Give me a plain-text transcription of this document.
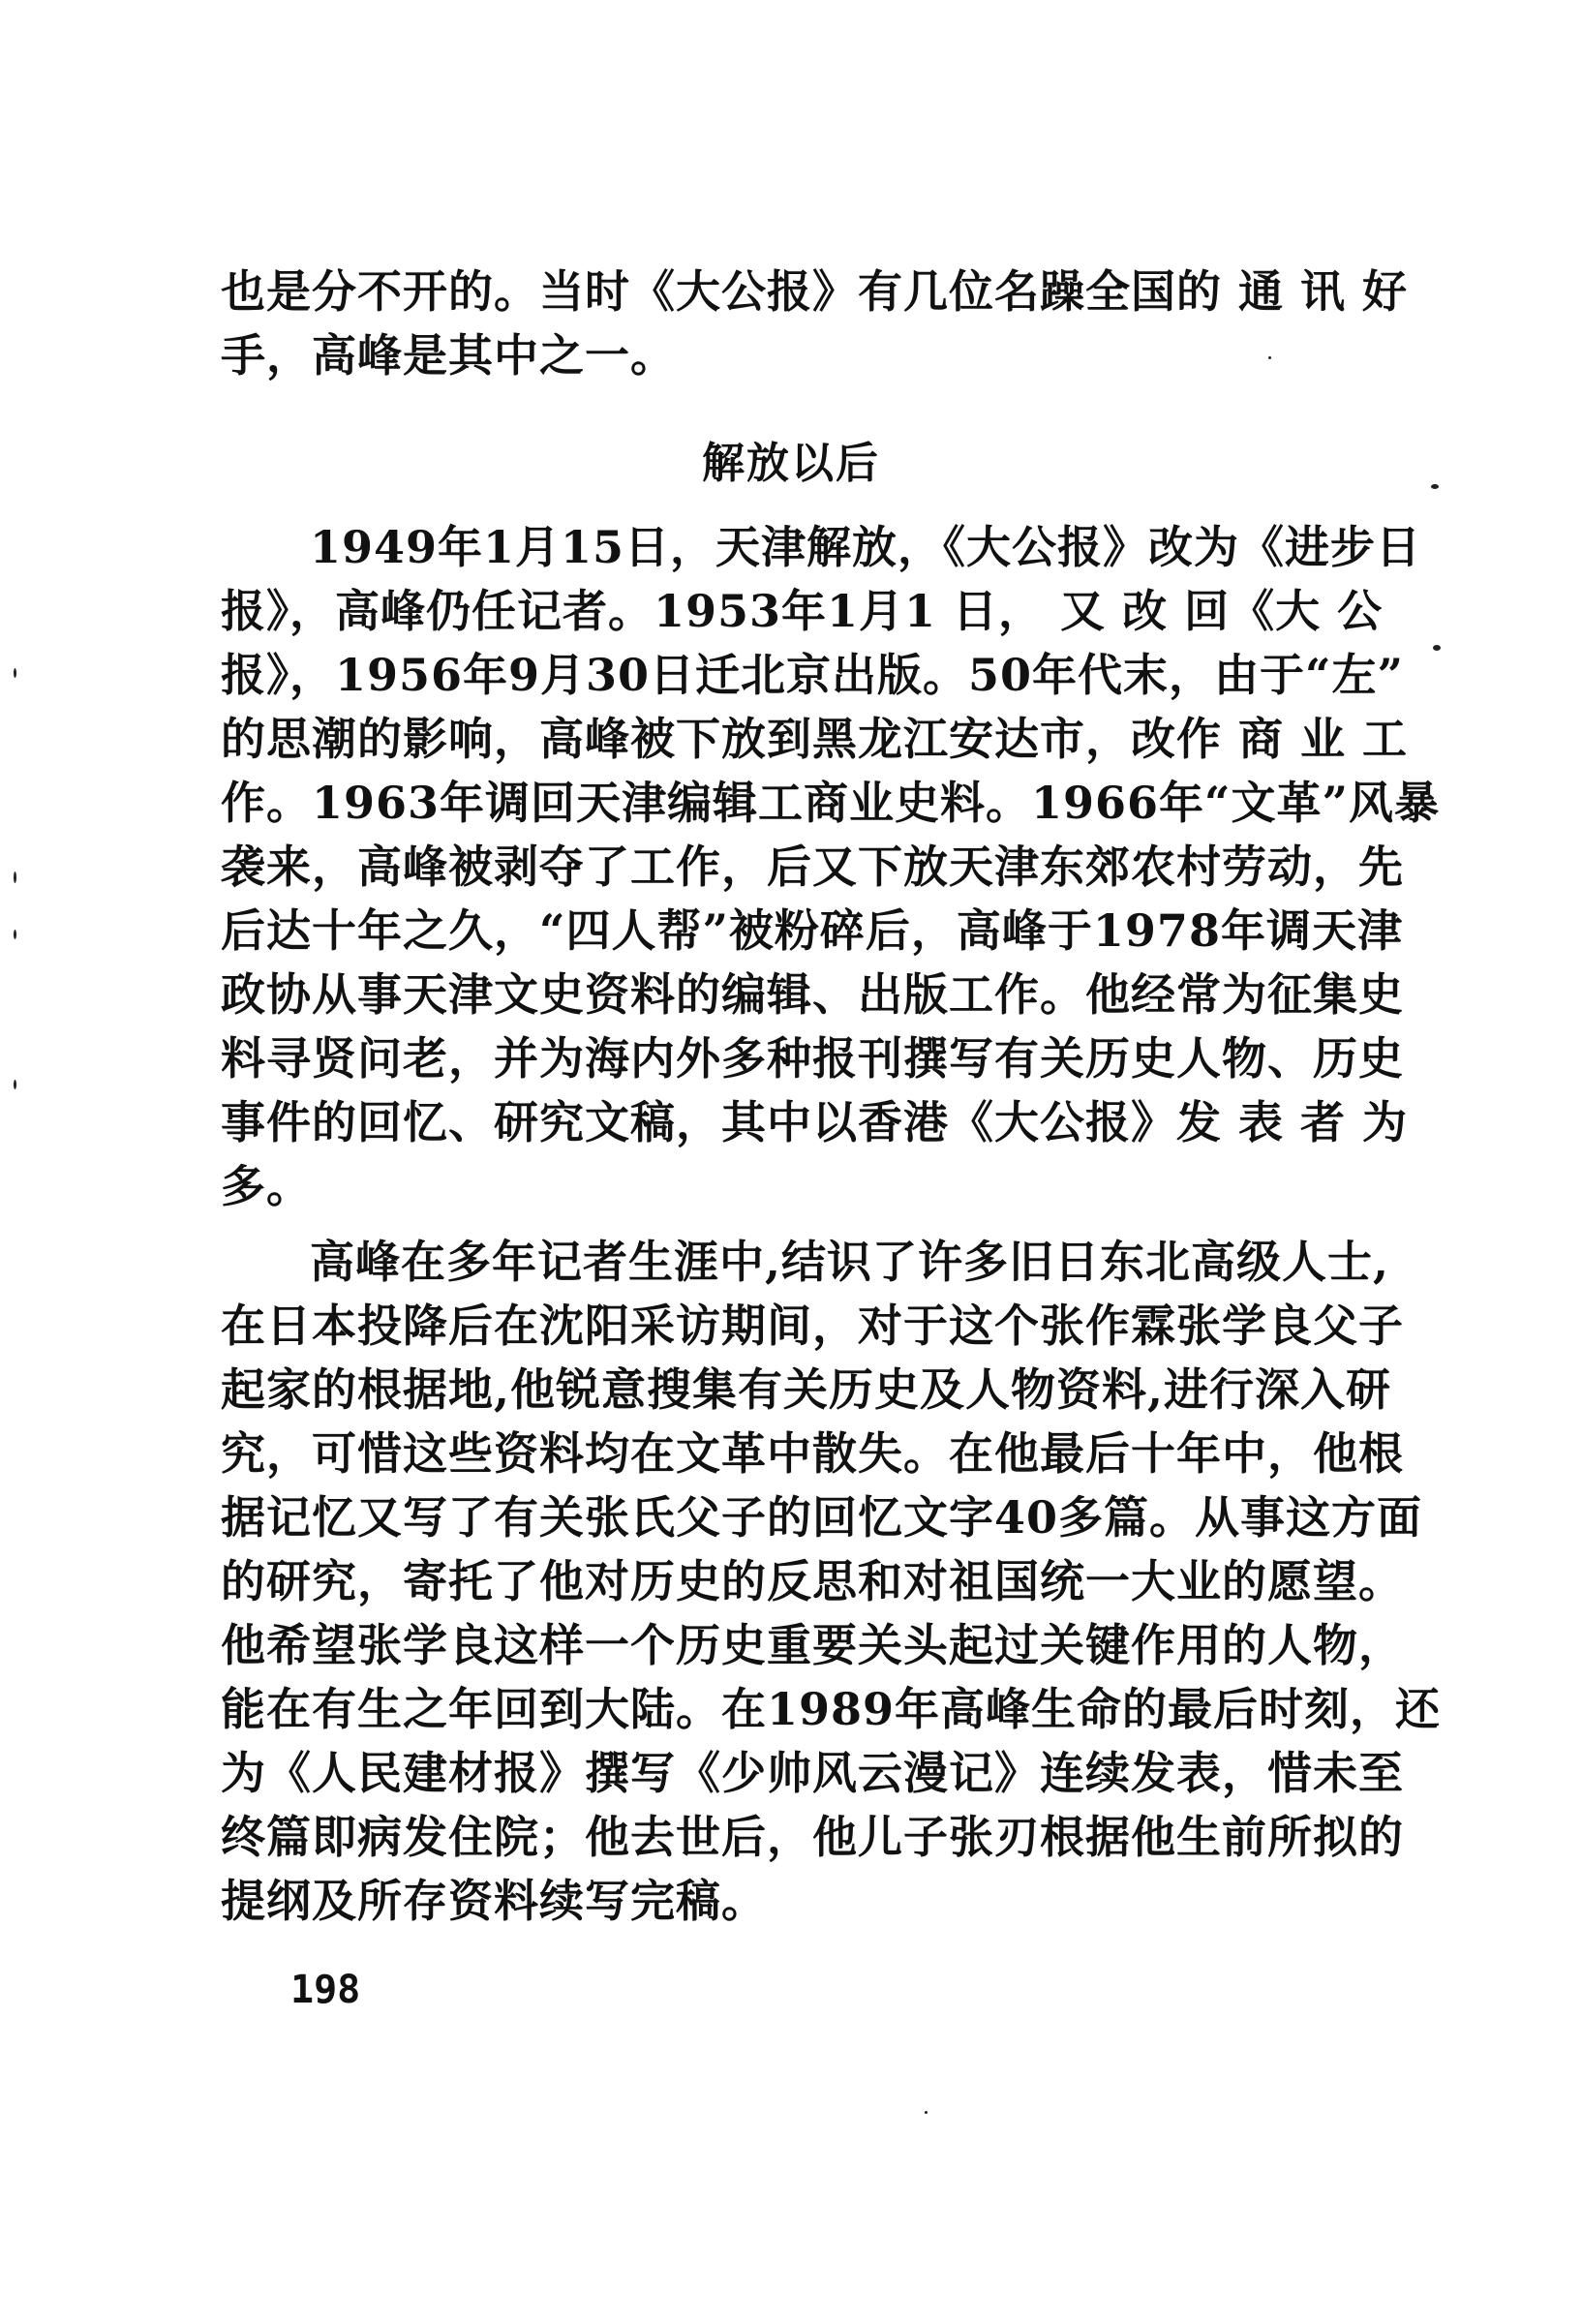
也是分不开的。当时《大公报》有几位名躁全国的 通 讯 好
手，高峰是其中之一。
解放以后
1949年1月15日，天津解放，《大公报》改为《进步日
报》，高峰仍任记者。1953年1月1 日， 又 改 回《大 公
报》，1956年9月30日迁北京出版。50年代末，由于“左”
的思潮的影响，高峰被下放到黑龙江安达市，改作 商 业 工
作。1963年调回天津编辑工商业史料。1966年“文革”风暴
袭来，高峰被剥夺了工作，后又下放天津东郊农村劳动，先
后达十年之久，“四人帮”被粉碎后，高峰于1978年调天津
政协从事天津文史资料的编辑、出版工作。他经常为征集史
料寻贤问老，并为海内外多种报刊撰写有关历史人物、历史
事件的回忆、研究文稿，其中以香港《大公报》发 表 者 为
多。
高峰在多年记者生涯中,结识了许多旧日东北高级人士,
在日本投降后在沈阳采访期间，对于这个张作霖张学良父子
起家的根据地,他锐意搜集有关历史及人物资料,进行深入研
究，可惜这些资料均在文革中散失。在他最后十年中，他根
据记忆又写了有关张氏父子的回忆文字40多篇。从事这方面
的研究，寄托了他对历史的反思和对祖国统一大业的愿望。
他希望张学良这样一个历史重要关头起过关键作用的人物，
能在有生之年回到大陆。在1989年高峰生命的最后时刻，还
为《人民建材报》撰写《少帅风云漫记》连续发表，惜未至
终篇即病发住院；他去世后，他儿子张刃根据他生前所拟的
提纲及所存资料续写完稿。
198
